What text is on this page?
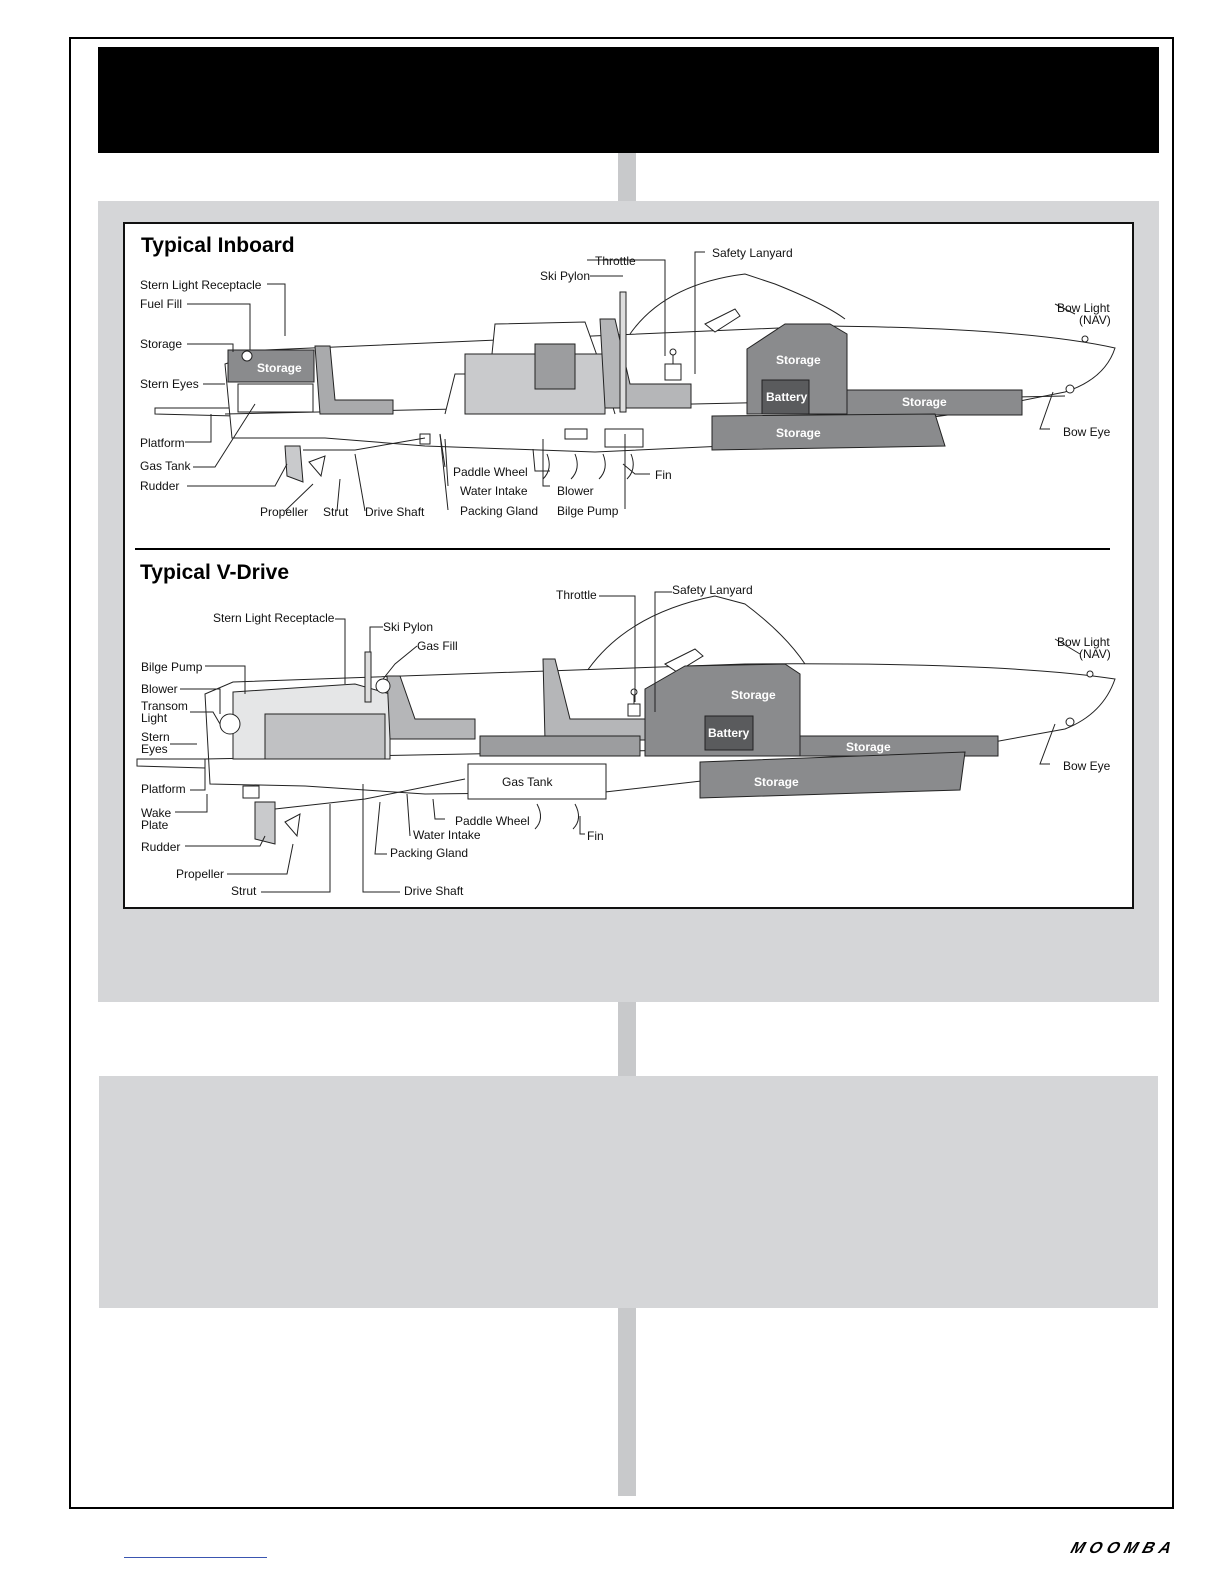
Typical Inboard
Throttle
Safety Lanyard
Ski Pylon
Stern Light Receptacle
Fuel Fill
Storage
Stern Eyes
Platform
Gas Tank
Rudder
Propeller Strut Drive Shaft
Paddle Wheel
Water Intake
Packing Gland
Blower
Bilge Pump
Fin
Bow Light
(NAV)
Bow Eye
Storage
Storage
Battery	Storage
Storage
Typical V-Drive
Throttle	Safety Lanyard
Stern Light Receptacle
Ski Pylon
Gas Fill
Bilge Pump
Blower
Transom
Light
Stern
Eyes
Platform
Wake
Plate
Rudder
Propeller
Strut	Drive Shaft
Packing Gland
Water Intake
Paddle Wheel
Fin
Bow Light
(NAV)
Bow Eye
Storage
Battery
Storage
Storage
Gas Tank
MOOMBA
